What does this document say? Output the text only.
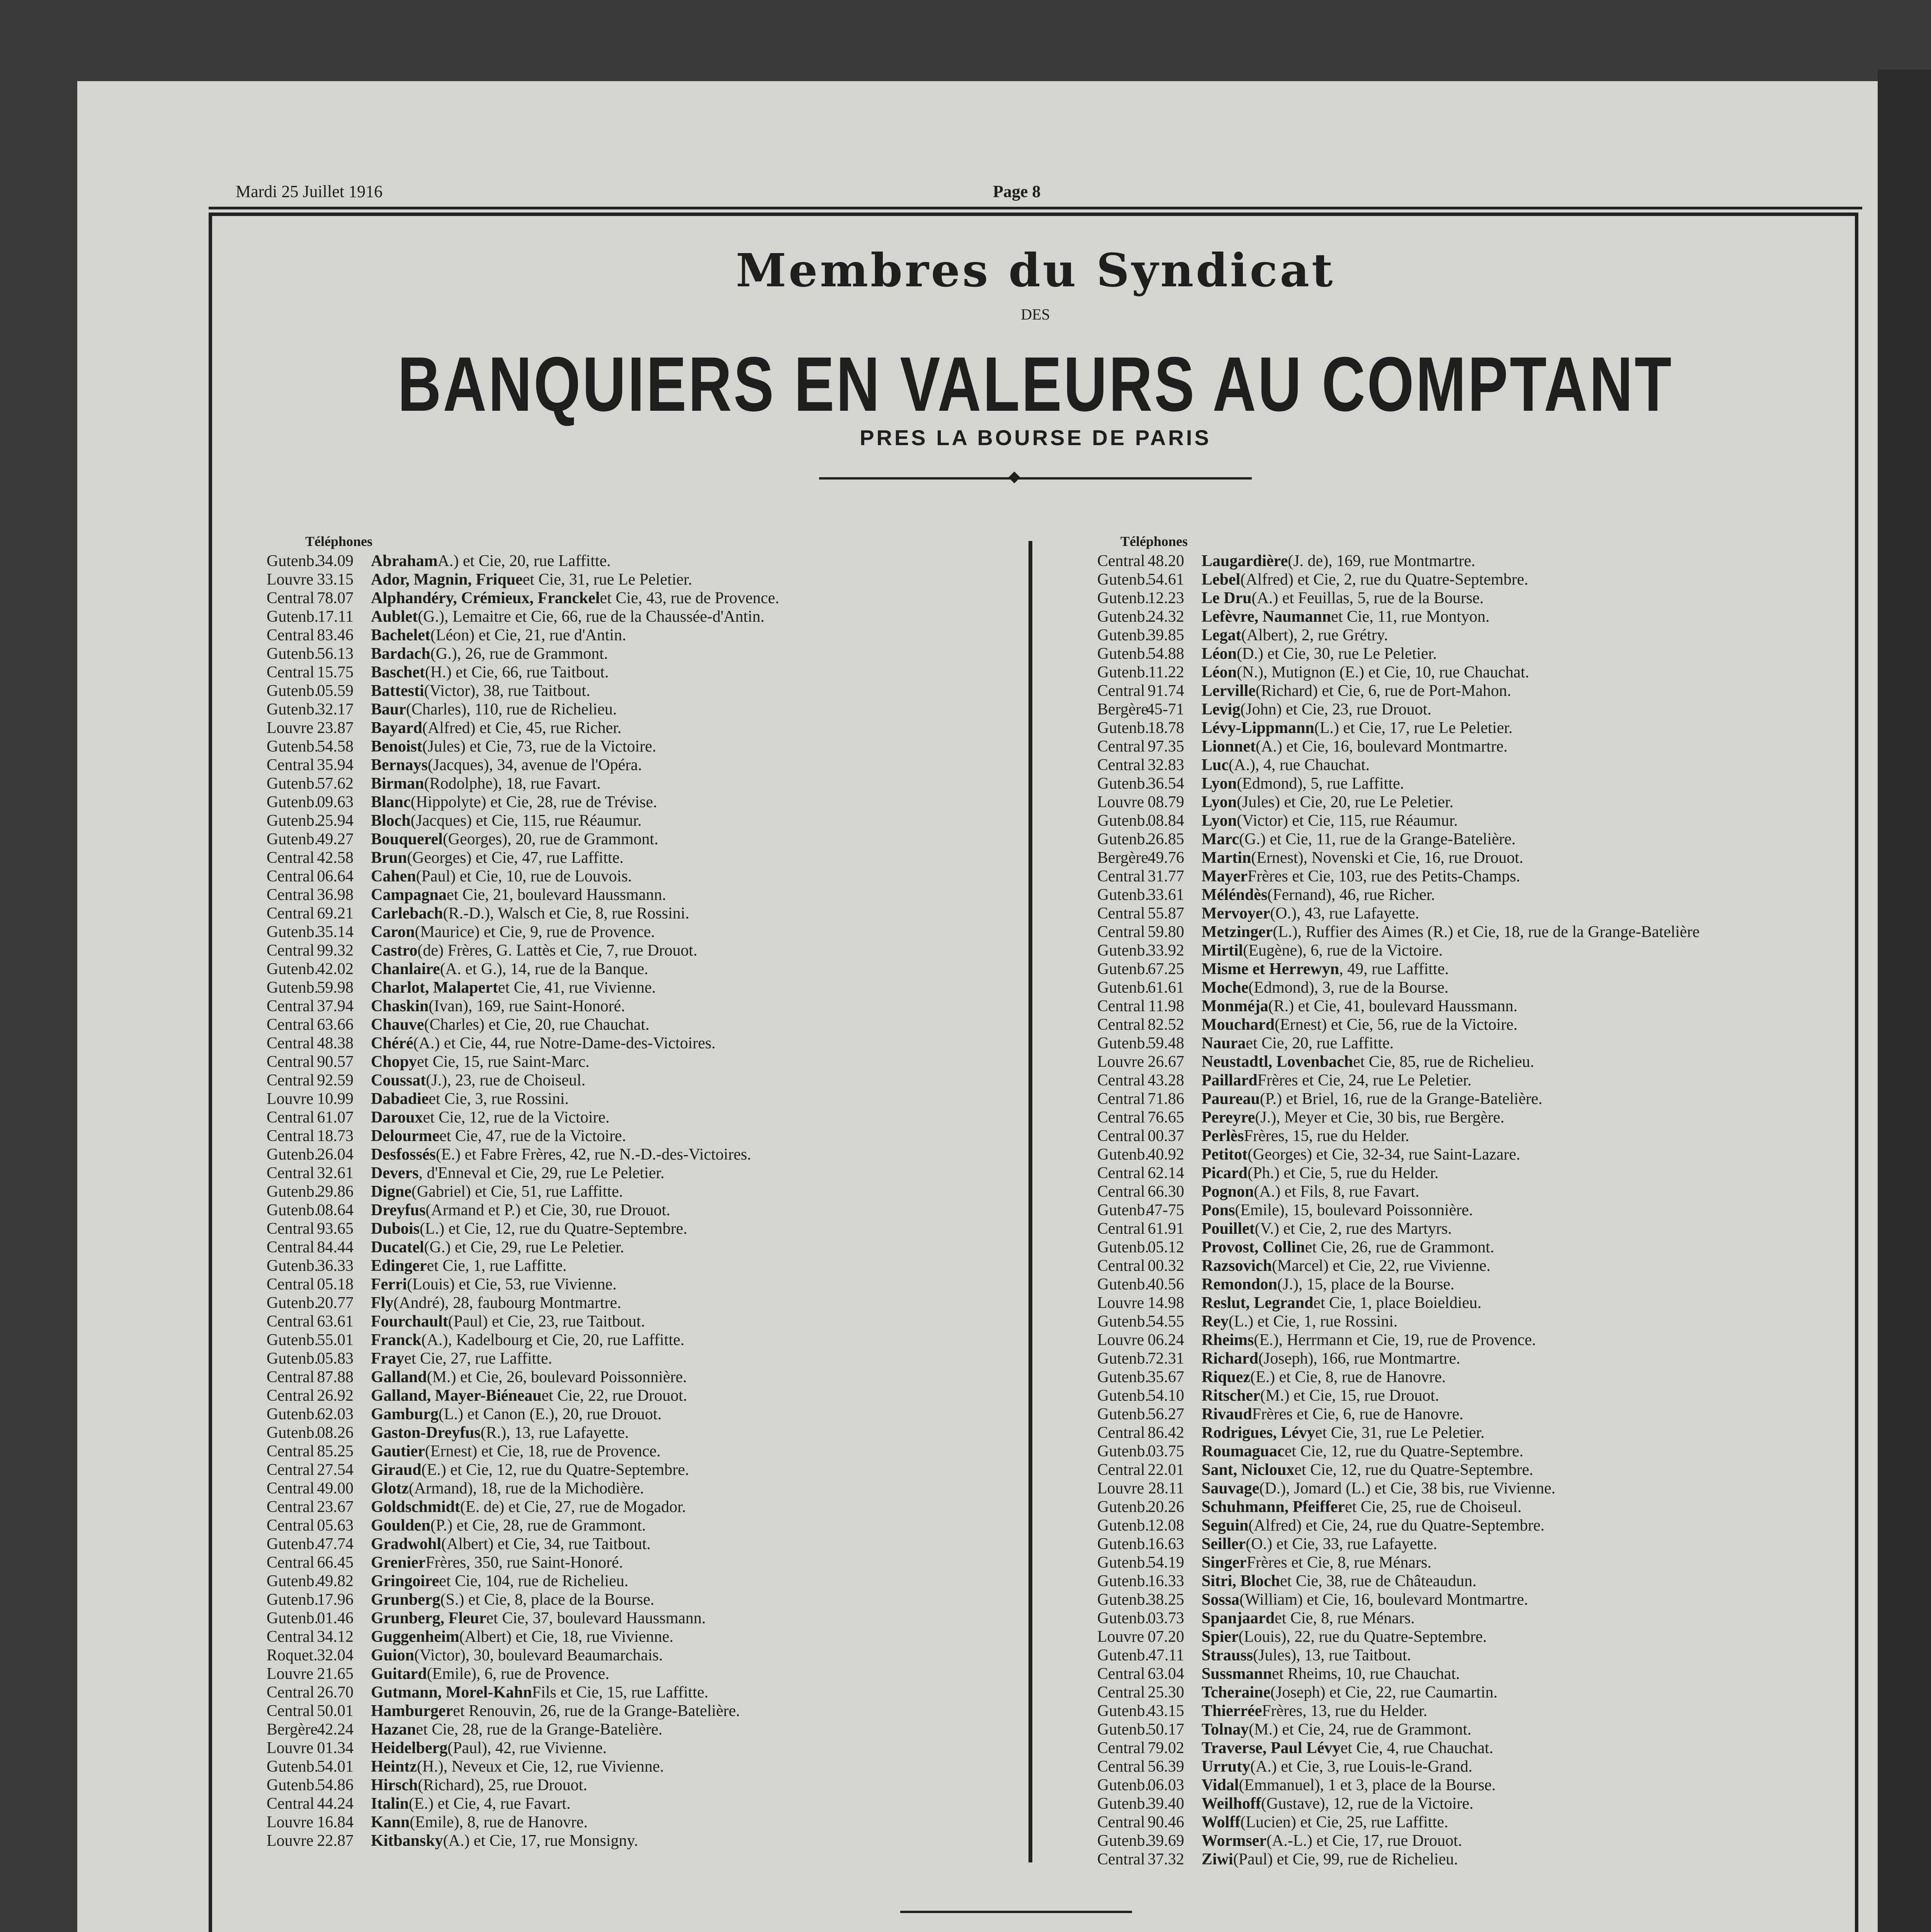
Mardi 25 Juillet 1916	Page 8
Membres du Syndicat
DES
BANQUIERS EN VALEURS AU COMPTANT
PRES LA BOURSE DE PARIS
◆
Téléphones
Gutenb.
34.09 Abraham A.) et Cie, 20, rue Laffitte.
Louvre 33.15 Ador, Magnin, Frique et Cie, 31, rue Le Peletier.
Central 78.07 Alphandéry, Crémieux, Franckel et Cie, 43, rue de Provence.
Gutenb.
17.11 Aublet (G.), Lemaitre et Cie, 66, rue de la Chaussée-d'Antin.
Central 83.46 Bachelet (Léon) et Cie, 21, rue d'Antin.
Gutenb.
56.13 Bardach (G.), 26, rue de Grammont.
Central 15.75 Baschet (H.) et Cie, 66, rue Taitbout.
Gutenb.
05.59 Battesti (Victor), 38, rue Taitbout.
Gutenb.
32.17 Baur (Charles), 110, rue de Richelieu.
Louvre 23.87 Bayard (Alfred) et Cie, 45, rue Richer.
Gutenb.
54.58 Benoist (Jules) et Cie, 73, rue de la Victoire.
Central 35.94 Bernays (Jacques), 34, avenue de l'Opéra.
Gutenb.
57.62 Birman (Rodolphe), 18, rue Favart.
Gutenb.
09.63 Blanc (Hippolyte) et Cie, 28, rue de Trévise.
Gutenb.
25.94 Bloch (Jacques) et Cie, 115, rue Réaumur.
Gutenb.
49.27 Bouquerel (Georges), 20, rue de Grammont.
Central 42.58 Brun (Georges) et Cie, 47, rue Laffitte.
Central 06.64 Cahen (Paul) et Cie, 10, rue de Louvois.
Central 36.98 Campagna et Cie, 21, boulevard Haussmann.
Central 69.21 Carlebach (R.-D.), Walsch et Cie, 8, rue Rossini.
Gutenb.
35.14 Caron (Maurice) et Cie, 9, rue de Provence.
Central 99.32 Castro (de) Frères, G. Lattès et Cie, 7, rue Drouot.
Gutenb.
42.02 Chanlaire (A. et G.), 14, rue de la Banque.
Gutenb.
59.98 Charlot, Malapert et Cie, 41, rue Vivienne.
Central 37.94 Chaskin (Ivan), 169, rue Saint-Honoré.
Central 63.66 Chauve (Charles) et Cie, 20, rue Chauchat.
Central 48.38 Chéré (A.) et Cie, 44, rue Notre-Dame-des-Victoires.
Central 90.57 Chopy et Cie, 15, rue Saint-Marc.
Central 92.59 Coussat (J.), 23, rue de Choiseul.
Louvre 10.99 Dabadie et Cie, 3, rue Rossini.
Central 61.07 Daroux et Cie, 12, rue de la Victoire.
Central 18.73 Delourme et Cie, 47, rue de la Victoire.
Gutenb.
26.04 Desfossés (E.) et Fabre Frères, 42, rue N.-D.-des-Victoires.
Central 32.61 Devers , d'Enneval et Cie, 29, rue Le Peletier.
Gutenb.
29.86 Digne (Gabriel) et Cie, 51, rue Laffitte.
Gutenb.
08.64 Dreyfus (Armand et P.) et Cie, 30, rue Drouot.
Central 93.65 Dubois (L.) et Cie, 12, rue du Quatre-Septembre.
Central 84.44 Ducatel (G.) et Cie, 29, rue Le Peletier.
Gutenb.
36.33 Edinger et Cie, 1, rue Laffitte.
Central 05.18 Ferri (Louis) et Cie, 53, rue Vivienne.
Gutenb.
20.77 Fly (André), 28, faubourg Montmartre.
Central 63.61 Fourchault (Paul) et Cie, 23, rue Taitbout.
Gutenb.
55.01 Franck (A.), Kadelbourg et Cie, 20, rue Laffitte.
Gutenb.
05.83 Fray et Cie, 27, rue Laffitte.
Central 87.88 Galland (M.) et Cie, 26, boulevard Poissonnière.
Central 26.92 Galland, Mayer-Biéneau et Cie, 22, rue Drouot.
Gutenb.
62.03 Gamburg (L.) et Canon (E.), 20, rue Drouot.
Gutenb.
08.26 Gaston-Dreyfus (R.), 13, rue Lafayette.
Central 85.25 Gautier (Ernest) et Cie, 18, rue de Provence.
Central 27.54 Giraud (E.) et Cie, 12, rue du Quatre-Septembre.
Central 49.00 Glotz (Armand), 18, rue de la Michodière.
Central 23.67 Goldschmidt (E. de) et Cie, 27, rue de Mogador.
Central 05.63 Goulden (P.) et Cie, 28, rue de Grammont.
Gutenb.
47.74 Gradwohl (Albert) et Cie, 34, rue Taitbout.
Central 66.45 Grenier Frères, 350, rue Saint-Honoré.
Gutenb.
49.82 Gringoire et Cie, 104, rue de Richelieu.
Gutenb.
17.96 Grunberg (S.) et Cie, 8, place de la Bourse.
Gutenb.
01.46 Grunberg, Fleur et Cie, 37, boulevard Haussmann.
Central 34.12 Guggenheim (Albert) et Cie, 18, rue Vivienne.
Roquet.
32.04 Guion (Victor), 30, boulevard Beaumarchais.
Louvre 21.65 Guitard (Emile), 6, rue de Provence.
Central 26.70 Gutmann, Morel-Kahn Fils et Cie, 15, rue Laffitte.
Central 50.01 Hamburger et Renouvin, 26, rue de la Grange-Batelière.
Bergère
42.24 Hazan et Cie, 28, rue de la Grange-Batelière.
Louvre 01.34 Heidelberg (Paul), 42, rue Vivienne.
Gutenb.
54.01 Heintz (H.), Neveux et Cie, 12, rue Vivienne.
Gutenb.
54.86 Hirsch (Richard), 25, rue Drouot.
Central 44.24 Italin (E.) et Cie, 4, rue Favart.
Louvre 16.84 Kann (Emile), 8, rue de Hanovre.
Louvre 22.87 Kitbansky (A.) et Cie, 17, rue Monsigny.
Téléphones
Central 48.20 Laugardière (J. de), 169, rue Montmartre.
Gutenb.
54.61 Lebel (Alfred) et Cie, 2, rue du Quatre-Septembre.
Gutenb.
12.23 Le Dru (A.) et Feuillas, 5, rue de la Bourse.
Gutenb.
24.32 Lefèvre, Naumann et Cie, 11, rue Montyon.
Gutenb.
39.85 Legat (Albert), 2, rue Grétry.
Gutenb.
54.88 Léon (D.) et Cie, 30, rue Le Peletier.
Gutenb.
11.22 Léon (N.), Mutignon (E.) et Cie, 10, rue Chauchat.
Central 91.74 Lerville (Richard) et Cie, 6, rue de Port-Mahon.
Bergère
45-71 Levig (John) et Cie, 23, rue Drouot.
Gutenb.
18.78 Lévy-Lippmann (L.) et Cie, 17, rue Le Peletier.
Central 97.35 Lionnet (A.) et Cie, 16, boulevard Montmartre.
Central 32.83 Luc (A.), 4, rue Chauchat.
Gutenb.
36.54 Lyon (Edmond), 5, rue Laffitte.
Louvre 08.79 Lyon (Jules) et Cie, 20, rue Le Peletier.
Gutenb.
08.84 Lyon (Victor) et Cie, 115, rue Réaumur.
Gutenb.
26.85 Marc (G.) et Cie, 11, rue de la Grange-Batelière.
Bergère
49.76 Martin (Ernest), Novenski et Cie, 16, rue Drouot.
Central 31.77 Mayer Frères et Cie, 103, rue des Petits-Champs.
Gutenb.
33.61 Méléndès (Fernand), 46, rue Richer.
Central 55.87 Mervoyer (O.), 43, rue Lafayette.
Central 59.80 Metzinger (L.), Ruffier des Aimes (R.) et Cie, 18, rue de la Grange-Batelière
Gutenb.
33.92 Mirtil (Eugène), 6, rue de la Victoire.
Gutenb.
67.25 Misme et Herrewyn , 49, rue Laffitte.
Gutenb.
61.61 Moche (Edmond), 3, rue de la Bourse.
Central 11.98 Monméja (R.) et Cie, 41, boulevard Haussmann.
Central 82.52 Mouchard (Ernest) et Cie, 56, rue de la Victoire.
Gutenb.
59.48 Naura et Cie, 20, rue Laffitte.
Louvre 26.67 Neustadtl, Lovenbach et Cie, 85, rue de Richelieu.
Central 43.28 Paillard Frères et Cie, 24, rue Le Peletier.
Central 71.86 Paureau (P.) et Briel, 16, rue de la Grange-Batelière.
Central 76.65 Pereyre (J.), Meyer et Cie, 30 bis, rue Bergère.
Central 00.37 Perlès Frères, 15, rue du Helder.
Gutenb.
40.92 Petitot (Georges) et Cie, 32-34, rue Saint-Lazare.
Central 62.14 Picard (Ph.) et Cie, 5, rue du Helder.
Central 66.30 Pognon (A.) et Fils, 8, rue Favart.
Gutenb.
47-75 Pons (Emile), 15, boulevard Poissonnière.
Central 61.91 Pouillet (V.) et Cie, 2, rue des Martyrs.
Gutenb.
05.12 Provost, Collin et Cie, 26, rue de Grammont.
Central 00.32 Razsovich (Marcel) et Cie, 22, rue Vivienne.
Gutenb.
40.56 Remondon (J.), 15, place de la Bourse.
Louvre 14.98 Reslut, Legrand et Cie, 1, place Boieldieu.
Gutenb.
54.55 Rey (L.) et Cie, 1, rue Rossini.
Louvre 06.24 Rheims (E.), Herrmann et Cie, 19, rue de Provence.
Gutenb.
72.31 Richard (Joseph), 166, rue Montmartre.
Gutenb.
35.67 Riquez (E.) et Cie, 8, rue de Hanovre.
Gutenb.
54.10 Ritscher (M.) et Cie, 15, rue Drouot.
Gutenb.
56.27 Rivaud Frères et Cie, 6, rue de Hanovre.
Central 86.42 Rodrigues, Lévy et Cie, 31, rue Le Peletier.
Gutenb.
03.75 Roumaguac et Cie, 12, rue du Quatre-Septembre.
Central 22.01 Sant, Nicloux et Cie, 12, rue du Quatre-Septembre.
Louvre 28.11 Sauvage (D.), Jomard (L.) et Cie, 38 bis, rue Vivienne.
Gutenb.
20.26 Schuhmann, Pfeiffer et Cie, 25, rue de Choiseul.
Gutenb.
12.08 Seguin (Alfred) et Cie, 24, rue du Quatre-Septembre.
Gutenb.
16.63 Seiller (O.) et Cie, 33, rue Lafayette.
Gutenb.
54.19 Singer Frères et Cie, 8, rue Ménars.
Gutenb.
16.33 Sitri, Bloch et Cie, 38, rue de Châteaudun.
Gutenb.
38.25 Sossa (William) et Cie, 16, boulevard Montmartre.
Gutenb.
03.73 Spanjaard et Cie, 8, rue Ménars.
Louvre 07.20 Spier (Louis), 22, rue du Quatre-Septembre.
Gutenb.
47.11 Strauss (Jules), 13, rue Taitbout.
Central 63.04 Sussmann et Rheims, 10, rue Chauchat.
Central 25.30 Tcheraine (Joseph) et Cie, 22, rue Caumartin.
Gutenb.
43.15 Thierrée Frères, 13, rue du Helder.
Gutenb.
50.17 Tolnay (M.) et Cie, 24, rue de Grammont.
Central 79.02 Traverse, Paul Lévy et Cie, 4, rue Chauchat.
Central 56.39 Urruty (A.) et Cie, 3, rue Louis-le-Grand.
Gutenb.
06.03 Vidal (Emmanuel), 1 et 3, place de la Bourse.
Gutenb.
39.40 Weilhoff (Gustave), 12, rue de la Victoire.
Central 90.46 Wolff (Lucien) et Cie, 25, rue Laffitte.
Gutenb.
39.69 Wormser (A.-L.) et Cie, 17, rue Drouot.
Central 37.32 Ziwi (Paul) et Cie, 99, rue de Richelieu.
